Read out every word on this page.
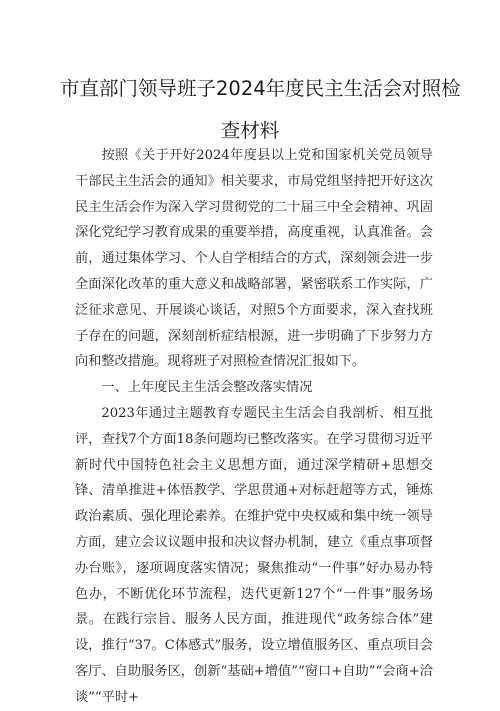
市直部门领导班子2024年度民主生活会对照检
查材料

按照《关于开好2024年度县以上党和国家机关党员领导干部民主生活会的通知》相关要求，市局党组坚持把开好这次民主生活会作为深入学习贯彻党的二十届三中全会精神、巩固深化党纪学习教育成果的重要举措，高度重视，认真准备。会前，通过集体学习、个人自学相结合的方式，深刻领会进一步全面深化改革的重大意义和战略部署，紧密联系工作实际，广泛征求意见、开展谈心谈话，对照5个方面要求，深入查找班子存在的问题，深刻剖析症结根源，进一步明确了下步努力方向和整改措施。现将班子对照检查情况汇报如下。

一、上年度民主生活会整改落实情况

2023年通过主题教育专题民主生活会自我剖析、相互批评，查找7个方面18条问题均已整改落实。在学习贯彻习近平新时代中国特色社会主义思想方面，通过深学精研+思想交锋、清单推进+体悟教学、学思贯通+对标赶超等方式，锤炼政治素质、强化理论素养。在维护党中央权威和集中统一领导方面，建立会议议题申报和决议督办机制，建立《重点事项督办台账》，逐项调度落实情况；聚焦推动“一件事”好办易办特色办，不断优化环节流程，迭代更新127个“一件事”服务场景。在践行宗旨、服务人民方面，推进现代“政务综合体”建设，推行“37。C体感式”服务，设立增值服务区、重点项目会客厅、自助服务区，创新“基础+增值”“窗口+自助”“会商+洽谈”“平时+
